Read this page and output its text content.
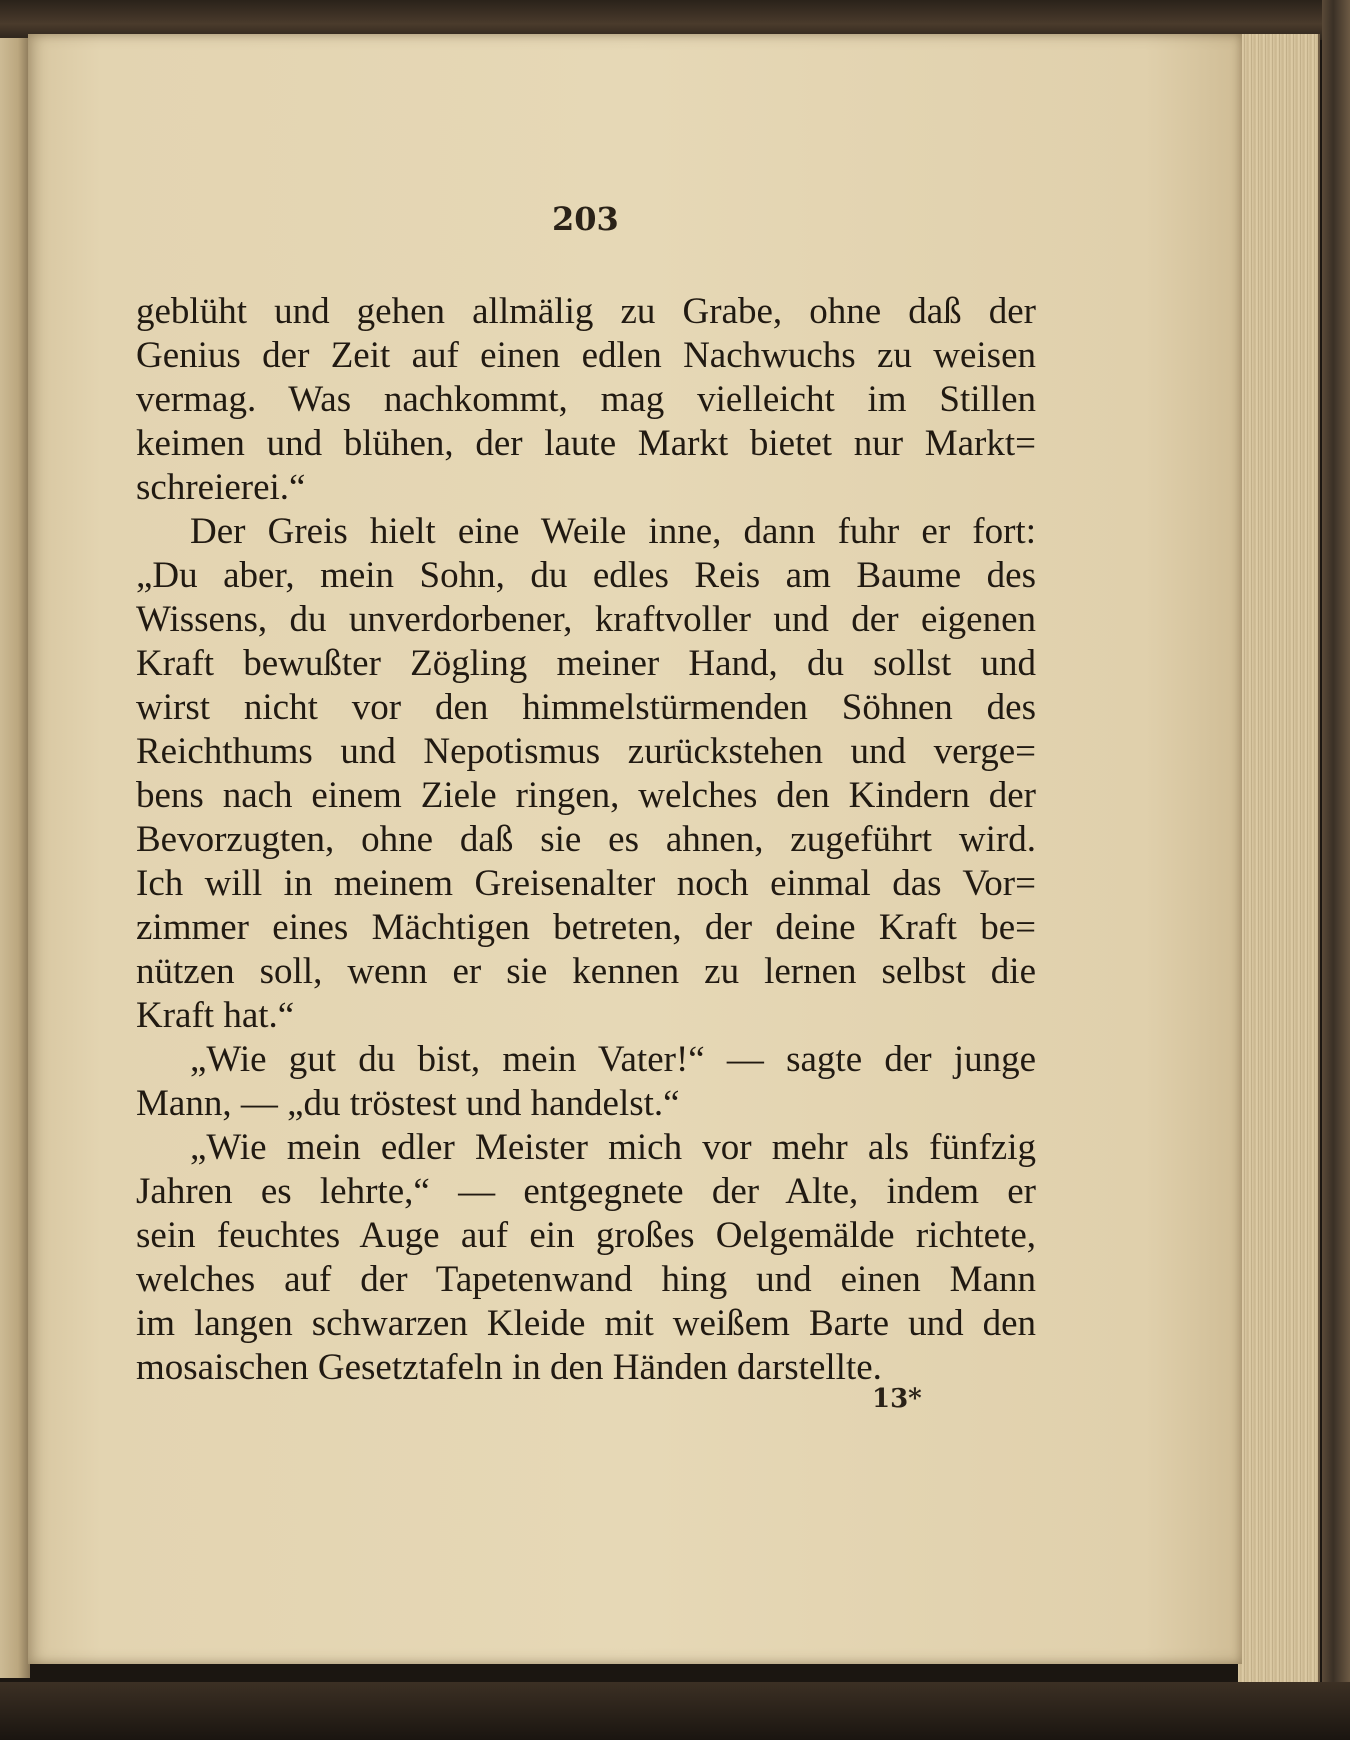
203
geblüht und gehen allmälig zu Grabe, ohne daß der
Genius der Zeit auf einen edlen Nachwuchs zu weisen
vermag. Was nachkommt, mag vielleicht im Stillen
keimen und blühen, der laute Markt bietet nur Markt=
schreierei.“
Der Greis hielt eine Weile inne, dann fuhr er fort:
„Du aber, mein Sohn, du edles Reis am Baume des
Wissens, du unverdorbener, kraftvoller und der eigenen
Kraft bewußter Zögling meiner Hand, du sollst und
wirst nicht vor den himmelstürmenden Söhnen des
Reichthums und Nepotismus zurückstehen und verge=
bens nach einem Ziele ringen, welches den Kindern der
Bevorzugten, ohne daß sie es ahnen, zugeführt wird.
Ich will in meinem Greisenalter noch einmal das Vor=
zimmer eines Mächtigen betreten, der deine Kraft be=
nützen soll, wenn er sie kennen zu lernen selbst die
Kraft hat.“
„Wie gut du bist, mein Vater!“ — sagte der junge
Mann, — „du tröstest und handelst.“
„Wie mein edler Meister mich vor mehr als fünfzig
Jahren es lehrte,“ — entgegnete der Alte, indem er
sein feuchtes Auge auf ein großes Oelgemälde richtete,
welches auf der Tapetenwand hing und einen Mann
im langen schwarzen Kleide mit weißem Barte und den
mosaischen Gesetztafeln in den Händen darstellte.
13*
